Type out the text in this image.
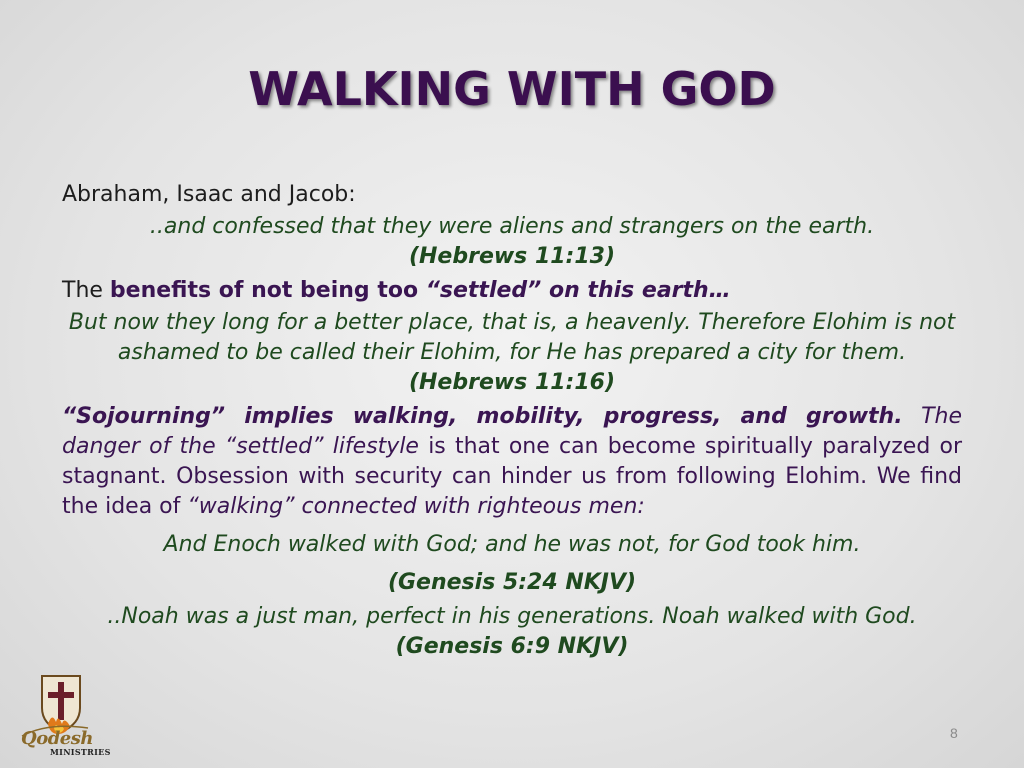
WALKING WITH GOD

Abraham, Isaac and Jacob:

..and confessed that they were aliens and strangers on the earth.

(Hebrews 11:13)

The benefits of not being too “settled” on this earth…

But now they long for a better place, that is, a heavenly. Therefore Elohim is not ashamed to be called their Elohim, for He has prepared a city for them. (Hebrews 11:16)

“Sojourning” implies walking, mobility, progress, and growth. The danger of the “settled” lifestyle is that one can become spiritually paralyzed or stagnant. Obsession with security can hinder us from following Elohim. We find the idea of “walking” connected with righteous men:

And Enoch walked with God; and he was not, for God took him.

(Genesis 5:24 NKJV)

..Noah was a just man, perfect in his generations. Noah walked with God. (Genesis 6:9 NKJV)
Qodesh
MINISTRIES
8
